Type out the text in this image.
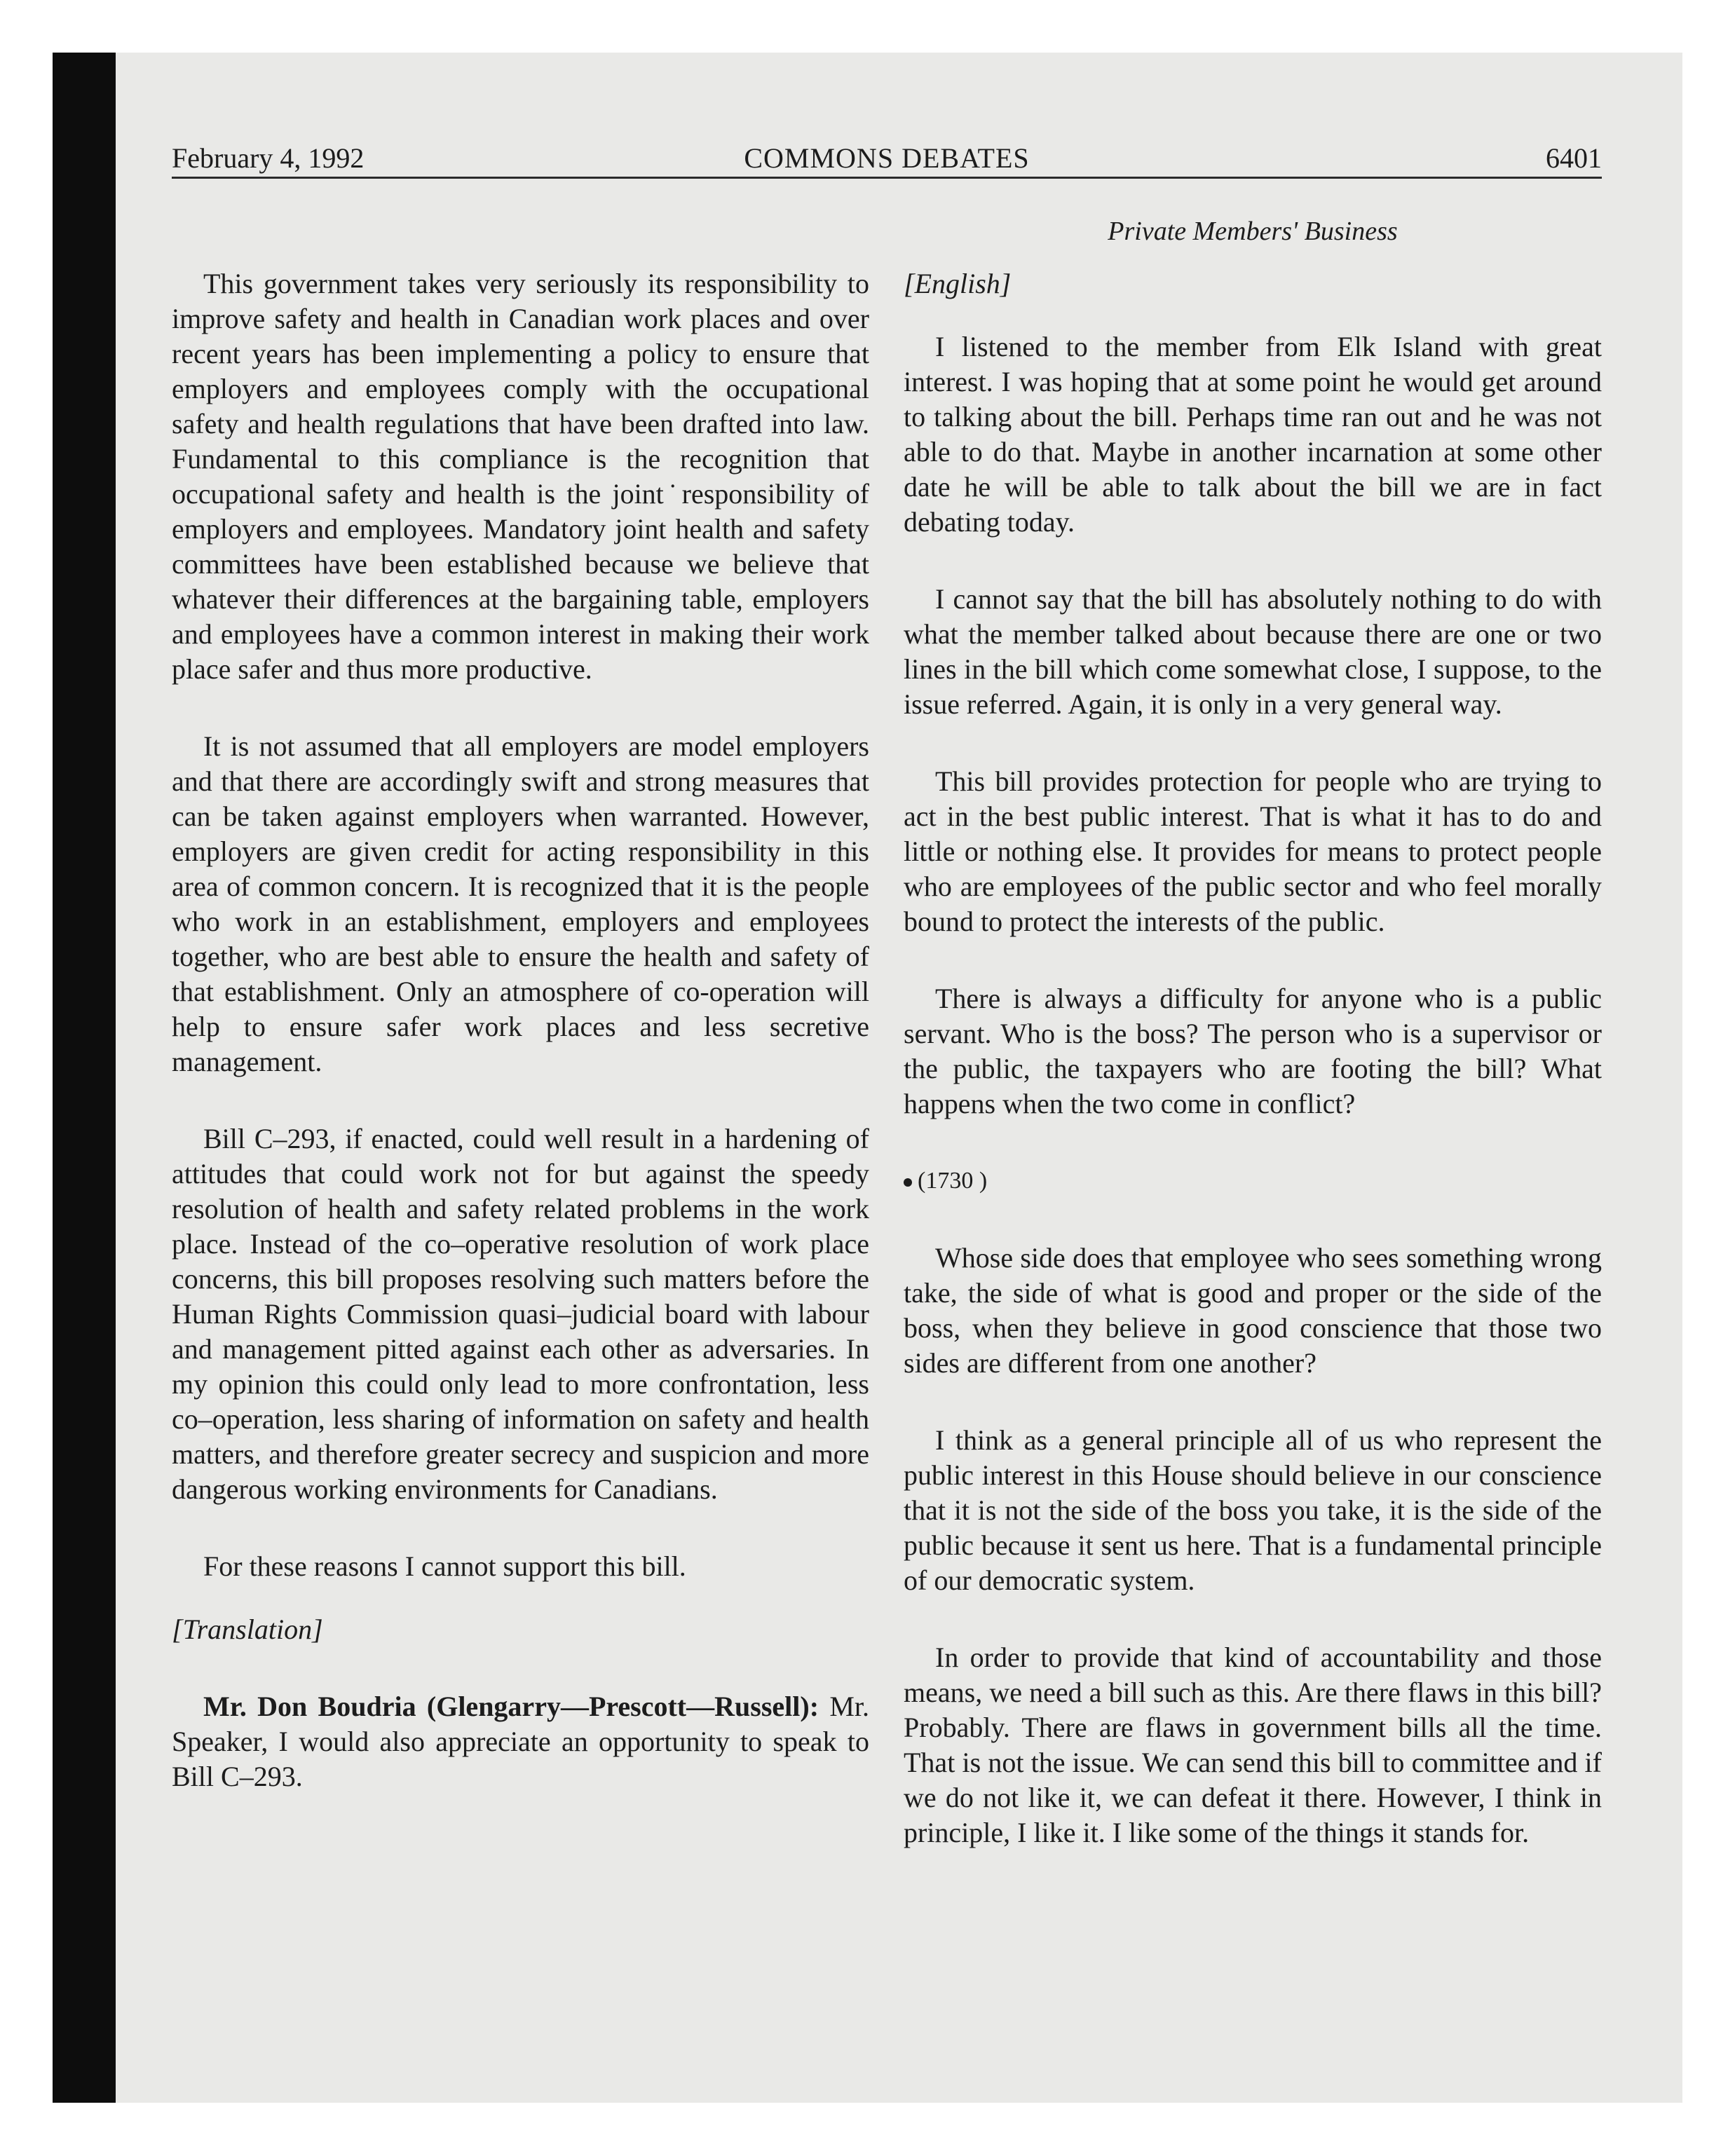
February 4, 1992	COMMONS DEBATES	6401
Private Members' Business

This government takes very seriously its responsibility to improve safety and health in Canadian work places and over recent years has been implementing a policy to ensure that employers and employees comply with the occupational safety and health regulations that have been drafted into law. Fundamental to this compliance is the recognition that occupational safety and health is the joint˙responsibility of employers and employees. Mandatory joint health and safety committees have been established because we believe that whatever their differences at the bargaining table, employers and employees have a common interest in making their work place safer and thus more productive.

It is not assumed that all employers are model employers and that there are accordingly swift and strong measures that can be taken against employers when warranted. However, employers are given credit for acting responsibility in this area of common concern. It is recognized that it is the people who work in an establishment, employers and employees together, who are best able to ensure the health and safety of that establishment. Only an atmosphere of co-operation will help to ensure safer work places and less secretive management.

Bill C–293, if enacted, could well result in a hardening of attitudes that could work not for but against the speedy resolution of health and safety related problems in the work place. Instead of the co–operative resolution of work place concerns, this bill proposes resolving such matters before the Human Rights Commission quasi–judicial board with labour and management pitted against each other as adversaries. In my opinion this could only lead to more confrontation, less co–operation, less sharing of information on safety and health matters, and therefore greater secrecy and suspicion and more dangerous working environments for Canadians.

For these reasons I cannot support this bill.

[Translation]

Mr. Don Boudria (Glengarry—Prescott—Russell): Mr. Speaker, I would also appreciate an opportunity to speak to Bill C–293.

[English]

I listened to the member from Elk Island with great interest. I was hoping that at some point he would get around to talking about the bill. Perhaps time ran out and he was not able to do that. Maybe in another incarnation at some other date he will be able to talk about the bill we are in fact debating today.

I cannot say that the bill has absolutely nothing to do with what the member talked about because there are one or two lines in the bill which come somewhat close, I suppose, to the issue referred. Again, it is only in a very general way.

This bill provides protection for people who are trying to act in the best public interest. That is what it has to do and little or nothing else. It provides for means to protect people who are employees of the public sector and who feel morally bound to protect the interests of the public.

There is always a difficulty for anyone who is a public servant. Who is the boss? The person who is a supervisor or the public, the taxpayers who are footing the bill? What happens when the two come in conflict?

(1730 )

Whose side does that employee who sees something wrong take, the side of what is good and proper or the side of the boss, when they believe in good conscience that those two sides are different from one another?

I think as a general principle all of us who represent the public interest in this House should believe in our conscience that it is not the side of the boss you take, it is the side of the public because it sent us here. That is a fundamental principle of our democratic system.

In order to provide that kind of accountability and those means, we need a bill such as this. Are there flaws in this bill? Probably. There are flaws in government bills all the time. That is not the issue. We can send this bill to committee and if we do not like it, we can defeat it there. However, I think in principle, I like it. I like some of the things it stands for.
